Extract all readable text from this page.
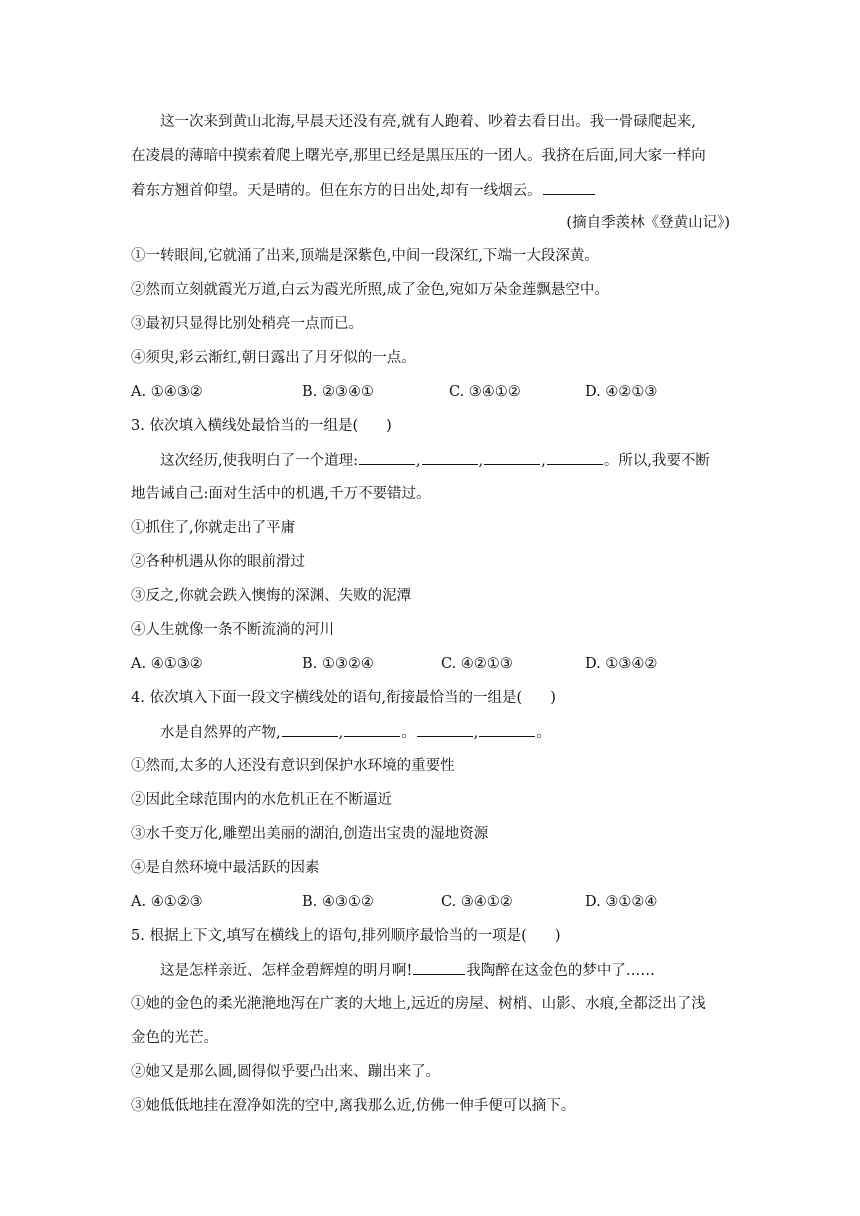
这一次来到黄山北海,早晨天还没有亮,就有人跑着、吵着去看日出。我一骨碌爬起来,
在凌晨的薄暗中摸索着爬上曙光亭,那里已经是黑压压的一团人。我挤在后面,同大家一样向
着东方翘首仰望。天是晴的。但在东方的日出处,却有一线烟云。
(摘自季羡林《登黄山记》)
①一转眼间,它就涌了出来,顶端是深紫色,中间一段深红,下端一大段深黄。
②然而立刻就霞光万道,白云为霞光所照,成了金色,宛如万朵金莲飘悬空中。
③最初只显得比别处稍亮一点而已。
④须臾,彩云渐红,朝日露出了月牙似的一点。
A. ①④③②	B. ②③④①	C. ③④①②	D. ④②①③
3. 依次填入横线处最恰当的一组是( )
这次经历,使我明白了一个道理:	,	,	,	。所以,我要不断
地告诫自己:面对生活中的机遇,千万不要错过。
①抓住了,你就走出了平庸
②各种机遇从你的眼前滑过
③反之,你就会跌入懊悔的深渊、失败的泥潭
④人生就像一条不断流淌的河川
A. ④①③②	B. ①③②④	C. ④②①③	D. ①③④②
4. 依次填入下面一段文字横线处的语句,衔接最恰当的一组是( )
水是自然界的产物,	,	。	,	。
①然而,太多的人还没有意识到保护水环境的重要性
②因此全球范围内的水危机正在不断逼近
③水千变万化,雕塑出美丽的湖泊,创造出宝贵的湿地资源
④是自然环境中最活跃的因素
A. ④①②③	B. ④③①②	C. ③④①②	D. ③①②④
5. 根据上下文,填写在横线上的语句,排列顺序最恰当的一项是( )
这是怎样亲近、怎样金碧辉煌的明月啊!	我陶醉在这金色的梦中了……
①她的金色的柔光滟滟地泻在广袤的大地上,远近的房屋、树梢、山影、水痕,全都泛出了浅
金色的光芒。
②她又是那么圆,圆得似乎要凸出来、蹦出来了。
③她低低地挂在澄净如洗的空中,离我那么近,仿佛一伸手便可以摘下。
